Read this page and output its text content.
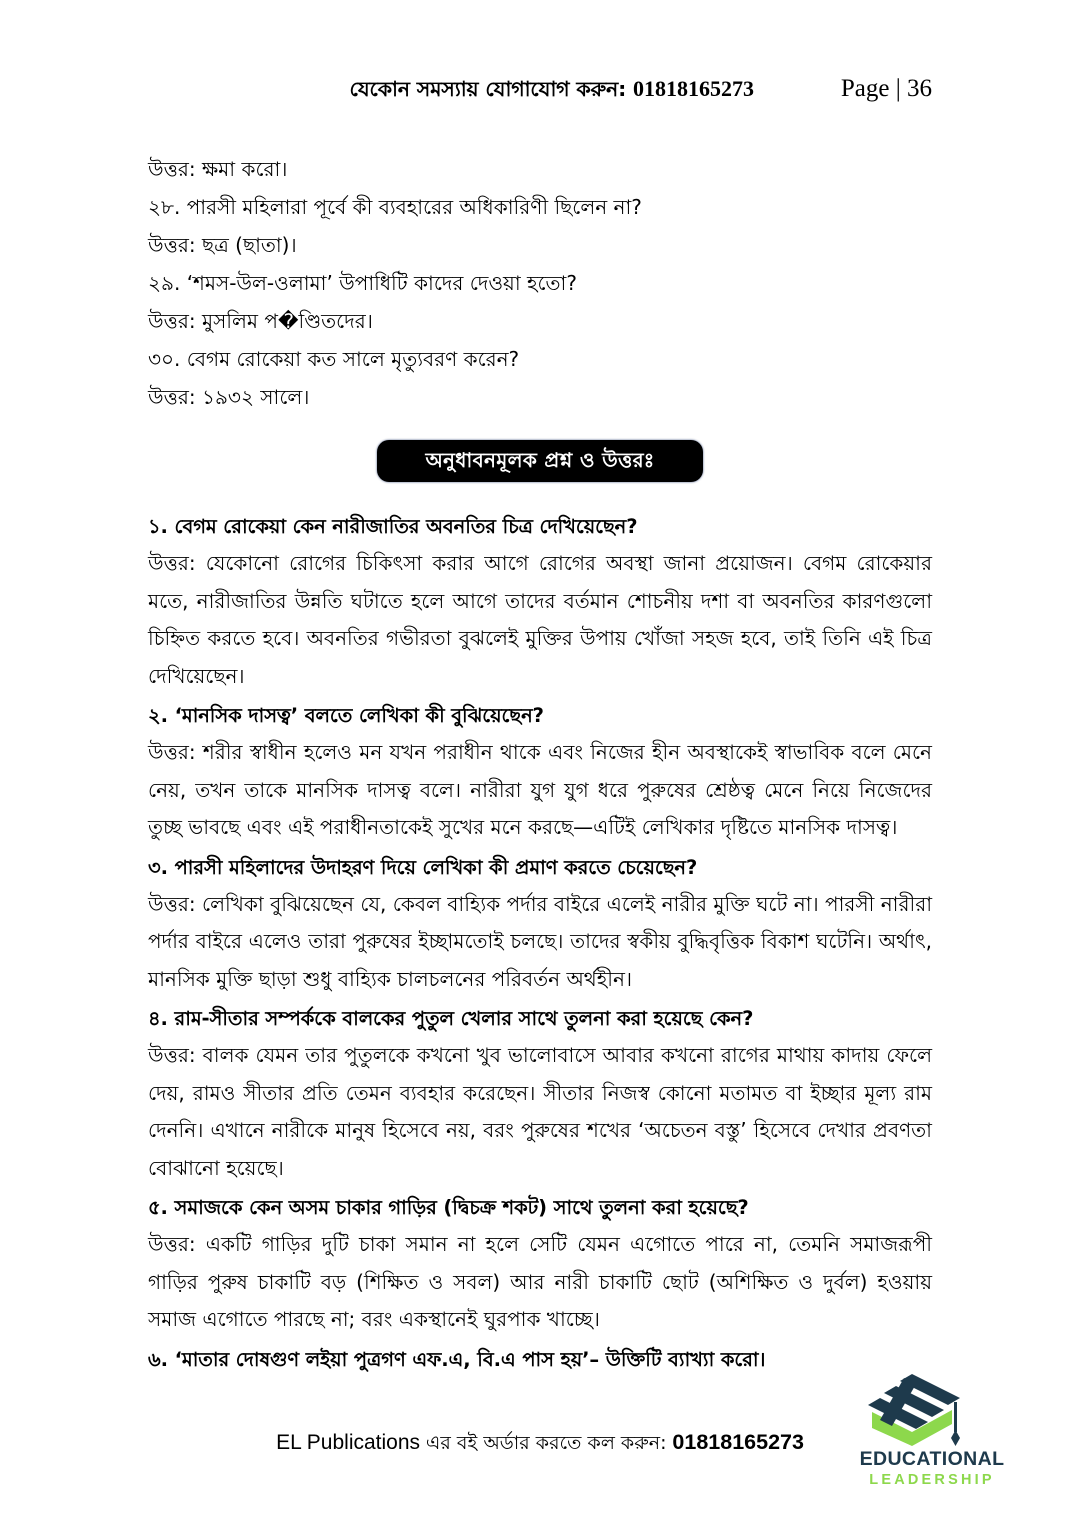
যেকোন সমস্যায় যোগাযোগ করুন: 01818165273	Page | 36
উত্তর: ক্ষমা করো।
২৮. পারসী মহিলারা পূর্বে কী ব্যবহারের অধিকারিণী ছিলেন না?
উত্তর: ছত্র (ছাতা)।
২৯. ‘শমস-উল-ওলামা’ উপাধিটি কাদের দেওয়া হতো?
উত্তর: মুসলিম প�ণ্ডিতদের।
৩০. বেগম রোকেয়া কত সালে মৃত্যুবরণ করেন?
উত্তর: ১৯৩২ সালে।
অনুধাবনমূলক প্রশ্ন ও উত্তরঃ
১. বেগম রোকেয়া কেন নারীজাতির অবনতির চিত্র দেখিয়েছেন?
উত্তর: যেকোনো রোগের চিকিৎসা করার আগে রোগের অবস্থা জানা প্রয়োজন। বেগম রোকেয়ার মতে, নারীজাতির উন্নতি ঘটাতে হলে আগে তাদের বর্তমান শোচনীয় দশা বা অবনতির কারণগুলো চিহ্নিত করতে হবে। অবনতির গভীরতা বুঝলেই মুক্তির উপায় খোঁজা সহজ হবে, তাই তিনি এই চিত্র দেখিয়েছেন।
২. ‘মানসিক দাসত্ব’ বলতে লেখিকা কী বুঝিয়েছেন?
উত্তর: শরীর স্বাধীন হলেও মন যখন পরাধীন থাকে এবং নিজের হীন অবস্থাকেই স্বাভাবিক বলে মেনে নেয়, তখন তাকে মানসিক দাসত্ব বলে। নারীরা যুগ যুগ ধরে পুরুষের শ্রেষ্ঠত্ব মেনে নিয়ে নিজেদের তুচ্ছ ভাবছে এবং এই পরাধীনতাকেই সুখের মনে করছে—এটিই লেখিকার দৃষ্টিতে মানসিক দাসত্ব।
৩. পারসী মহিলাদের উদাহরণ দিয়ে লেখিকা কী প্রমাণ করতে চেয়েছেন?
উত্তর: লেখিকা বুঝিয়েছেন যে, কেবল বাহ্যিক পর্দার বাইরে এলেই নারীর মুক্তি ঘটে না। পারসী নারীরা পর্দার বাইরে এলেও তারা পুরুষের ইচ্ছামতোই চলছে। তাদের স্বকীয় বুদ্ধিবৃত্তিক বিকাশ ঘটেনি। অর্থাৎ, মানসিক মুক্তি ছাড়া শুধু বাহ্যিক চালচলনের পরিবর্তন অর্থহীন।
৪. রাম-সীতার সম্পর্ককে বালকের পুতুল খেলার সাথে তুলনা করা হয়েছে কেন?
উত্তর: বালক যেমন তার পুতুলকে কখনো খুব ভালোবাসে আবার কখনো রাগের মাথায় কাদায় ফেলে দেয়, রামও সীতার প্রতি তেমন ব্যবহার করেছেন। সীতার নিজস্ব কোনো মতামত বা ইচ্ছার মূল্য রাম দেননি। এখানে নারীকে মানুষ হিসেবে নয়, বরং পুরুষের শখের ‘অচেতন বস্তু’ হিসেবে দেখার প্রবণতা বোঝানো হয়েছে।
৫. সমাজকে কেন অসম চাকার গাড়ির (দ্বিচক্র শকট) সাথে তুলনা করা হয়েছে?
উত্তর: একটি গাড়ির দুটি চাকা সমান না হলে সেটি যেমন এগোতে পারে না, তেমনি সমাজরূপী গাড়ির পুরুষ চাকাটি বড় (শিক্ষিত ও সবল) আর নারী চাকাটি ছোট (অশিক্ষিত ও দুর্বল) হওয়ায় সমাজ এগোতে পারছে না; বরং একস্থানেই ঘুরপাক খাচ্ছে।
৬. ‘মাতার দোষগুণ লইয়া পুত্রগণ এফ.এ, বি.এ পাস হয়’– উক্তিটি ব্যাখ্যা করো।
EL Publications এর বই অর্ডার করতে কল করুন: 01818165273
EDUCATIONAL
LEADERSHIP
